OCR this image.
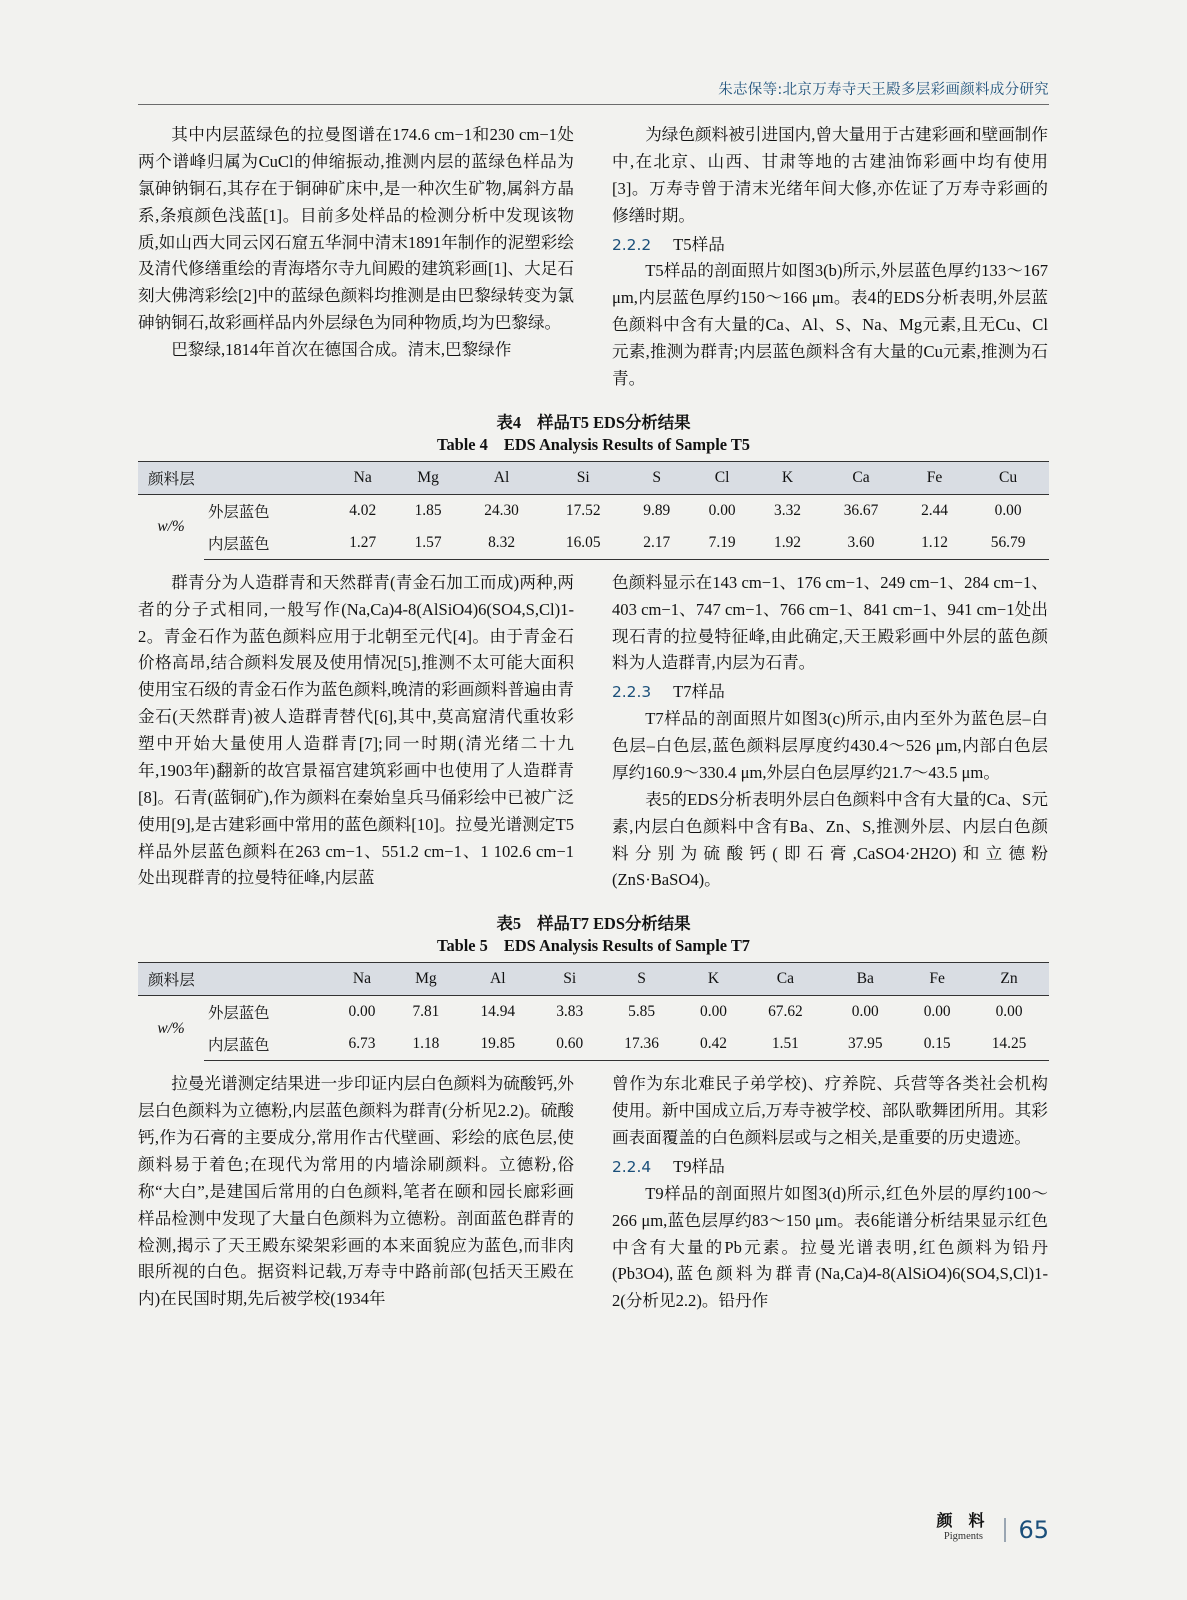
朱志保等:北京万寿寺天王殿多层彩画颜料成分研究

其中内层蓝绿色的拉曼图谱在174.6 cm−1和230 cm−1处两个谱峰归属为CuCl的伸缩振动,推测内层的蓝绿色样品为氯砷钠铜石,其存在于铜砷矿床中,是一种次生矿物,属斜方晶系,条痕颜色浅蓝[1]。目前多处样品的检测分析中发现该物质,如山西大同云冈石窟五华洞中清末1891年制作的泥塑彩绘及清代修缮重绘的青海塔尔寺九间殿的建筑彩画[1]、大足石刻大佛湾彩绘[2]中的蓝绿色颜料均推测是由巴黎绿转变为氯砷钠铜石,故彩画样品内外层绿色为同种物质,均为巴黎绿。

巴黎绿,1814年首次在德国合成。清末,巴黎绿作

为绿色颜料被引进国内,曾大量用于古建彩画和壁画制作中,在北京、山西、甘肃等地的古建油饰彩画中均有使用[3]。万寿寺曾于清末光绪年间大修,亦佐证了万寿寺彩画的修缮时期。

2.2.2 T5样品

T5样品的剖面照片如图3(b)所示,外层蓝色厚约133～167 μm,内层蓝色厚约150～166 μm。表4的EDS分析表明,外层蓝色颜料中含有大量的Ca、Al、S、Na、Mg元素,且无Cu、Cl元素,推测为群青;内层蓝色颜料含有大量的Cu元素,推测为石青。

表4 样品T5 EDS分析结果
Table 4 EDS Analysis Results of Sample T5
颜料层		Na	Mg	Al	Si	S	Cl	K	Ca	Fe	Cu
w/%	外层蓝色	4.02	1.85	24.30	17.52	9.89	0.00	3.32	36.67	2.44	0.00
	内层蓝色	1.27	1.57	8.32	16.05	2.17	7.19	1.92	3.60	1.12	56.79

群青分为人造群青和天然群青(青金石加工而成)两种,两者的分子式相同,一般写作(Na,Ca)4-8(AlSiO4)6(SO4,S,Cl)1-2。青金石作为蓝色颜料应用于北朝至元代[4]。由于青金石价格高昂,结合颜料发展及使用情况[5],推测不太可能大面积使用宝石级的青金石作为蓝色颜料,晚清的彩画颜料普遍由青金石(天然群青)被人造群青替代[6],其中,莫高窟清代重妆彩塑中开始大量使用人造群青[7];同一时期(清光绪二十九年,1903年)翻新的故宫景福宫建筑彩画中也使用了人造群青[8]。石青(蓝铜矿),作为颜料在秦始皇兵马俑彩绘中已被广泛使用[9],是古建彩画中常用的蓝色颜料[10]。拉曼光谱测定T5样品外层蓝色颜料在263 cm−1、551.2 cm−1、1 102.6 cm−1处出现群青的拉曼特征峰,内层蓝

色颜料显示在143 cm−1、176 cm−1、249 cm−1、284 cm−1、403 cm−1、747 cm−1、766 cm−1、841 cm−1、941 cm−1处出现石青的拉曼特征峰,由此确定,天王殿彩画中外层的蓝色颜料为人造群青,内层为石青。

2.2.3 T7样品

T7样品的剖面照片如图3(c)所示,由内至外为蓝色层–白色层–白色层,蓝色颜料层厚度约430.4～526 μm,内部白色层厚约160.9～330.4 μm,外层白色层厚约21.7～43.5 μm。

表5的EDS分析表明外层白色颜料中含有大量的Ca、S元素,内层白色颜料中含有Ba、Zn、S,推测外层、内层白色颜料分别为硫酸钙(即石膏,CaSO4·2H2O)和立德粉(ZnS·BaSO4)。

表5 样品T7 EDS分析结果
Table 5 EDS Analysis Results of Sample T7
颜料层		Na	Mg	Al	Si	S	K	Ca	Ba	Fe	Zn
w/%	外层蓝色	0.00	7.81	14.94	3.83	5.85	0.00	67.62	0.00	0.00	0.00
	内层蓝色	6.73	1.18	19.85	0.60	17.36	0.42	1.51	37.95	0.15	14.25

拉曼光谱测定结果进一步印证内层白色颜料为硫酸钙,外层白色颜料为立德粉,内层蓝色颜料为群青(分析见2.2)。硫酸钙,作为石膏的主要成分,常用作古代壁画、彩绘的底色层,使颜料易于着色;在现代为常用的内墙涂刷颜料。立德粉,俗称“大白”,是建国后常用的白色颜料,笔者在颐和园长廊彩画样品检测中发现了大量白色颜料为立德粉。剖面蓝色群青的检测,揭示了天王殿东梁架彩画的本来面貌应为蓝色,而非肉眼所视的白色。据资料记载,万寿寺中路前部(包括天王殿在内)在民国时期,先后被学校(1934年

曾作为东北难民子弟学校)、疗养院、兵营等各类社会机构使用。新中国成立后,万寿寺被学校、部队歌舞团所用。其彩画表面覆盖的白色颜料层或与之相关,是重要的历史遗迹。

2.2.4 T9样品

T9样品的剖面照片如图3(d)所示,红色外层的厚约100～266 μm,蓝色层厚约83～150 μm。表6能谱分析结果显示红色中含有大量的Pb元素。拉曼光谱表明,红色颜料为铅丹(Pb3O4),蓝色颜料为群青(Na,Ca)4-8(AlSiO4)6(SO4,S,Cl)1-2(分析见2.2)。铅丹作

颜 料
Pigments	65
